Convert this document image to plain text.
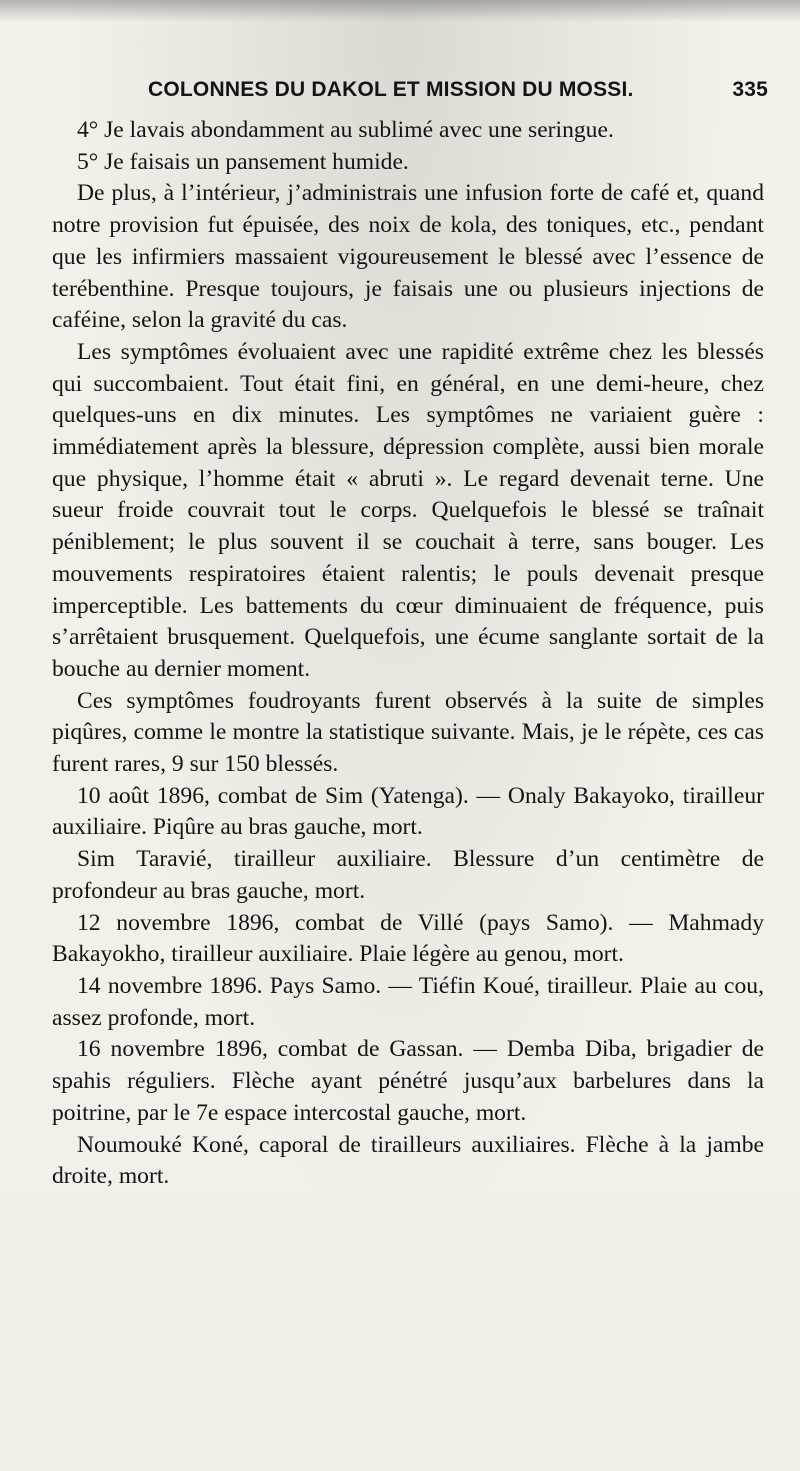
COLONNES DU DAKOL ET MISSION DU MOSSI.	335

4° Je lavais abondamment au sublimé avec une seringue.

5° Je faisais un pansement humide.

De plus, à l’intérieur, j’administrais une infusion forte de café et, quand notre provision fut épuisée, des noix de kola, des toniques, etc., pendant que les infirmiers massaient vigoureusement le blessé avec l’essence de terébenthine. Presque toujours, je faisais une ou plusieurs injections de caféine, selon la gravité du cas.

Les symptômes évoluaient avec une rapidité extrême chez les blessés qui succombaient. Tout était fini, en général, en une demi-heure, chez quelques-uns en dix minutes. Les symptômes ne variaient guère : immédiatement après la blessure, dépression complète, aussi bien morale que physique, l’homme était « abruti ». Le regard devenait terne. Une sueur froide couvrait tout le corps. Quelquefois le blessé se traînait péniblement; le plus souvent il se couchait à terre, sans bouger. Les mouvements respiratoires étaient ralentis; le pouls devenait presque imperceptible. Les battements du cœur diminuaient de fréquence, puis s’arrêtaient brusquement. Quelquefois, une écume sanglante sortait de la bouche au dernier moment.

Ces symptômes foudroyants furent observés à la suite de simples piqûres, comme le montre la statistique suivante. Mais, je le répète, ces cas furent rares, 9 sur 150 blessés.

10 août 1896, combat de Sim (Yatenga). — Onaly Bakayoko, tirailleur auxiliaire. Piqûre au bras gauche, mort.

Sim Taravié, tirailleur auxiliaire. Blessure d’un centimètre de profondeur au bras gauche, mort.

12 novembre 1896, combat de Villé (pays Samo). — Mahmady Bakayokho, tirailleur auxiliaire. Plaie légère au genou, mort.

14 novembre 1896. Pays Samo. — Tiéfin Koué, tirailleur. Plaie au cou, assez profonde, mort.

16 novembre 1896, combat de Gassan. — Demba Diba, brigadier de spahis réguliers. Flèche ayant pénétré jusqu’aux barbelures dans la poitrine, par le 7e espace intercostal gauche, mort.

Noumouké Koné, caporal de tirailleurs auxiliaires. Flèche à la jambe droite, mort.
